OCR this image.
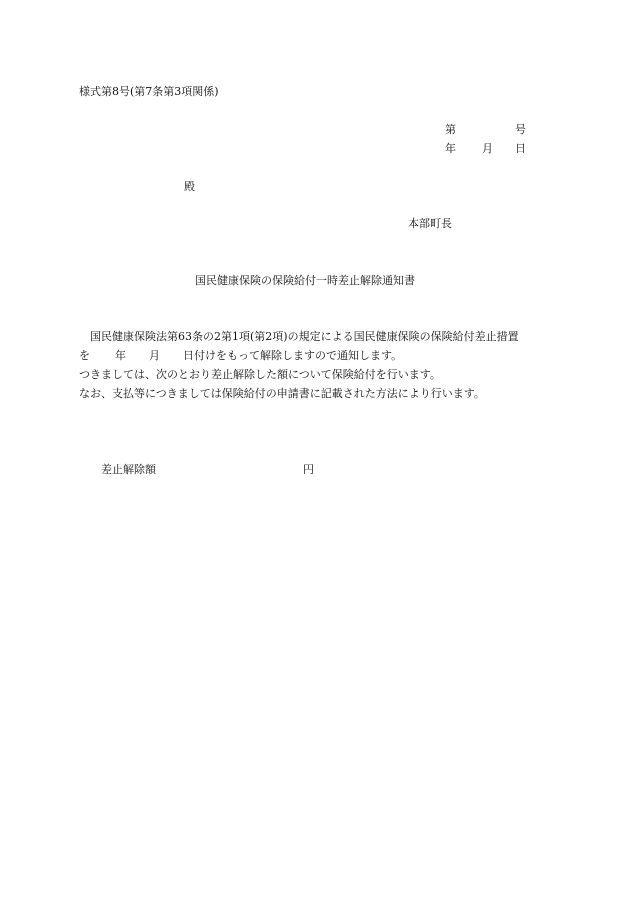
様式第8号(第7条第3項関係)
第	号
年 月 日
殿
本部町長
国民健康保険の保険給付一時差止解除通知書
国民健康保険法第63条の2第1項(第2項)の規定による国民健康保険の保険給付差止措置
を 年 月 日付けをもって解除しますので通知します。
つきましては、次のとおり差止解除した額について保険給付を行います。
なお、支払等につきましては保険給付の申請書に記載された方法により行います。
差止解除額	円
